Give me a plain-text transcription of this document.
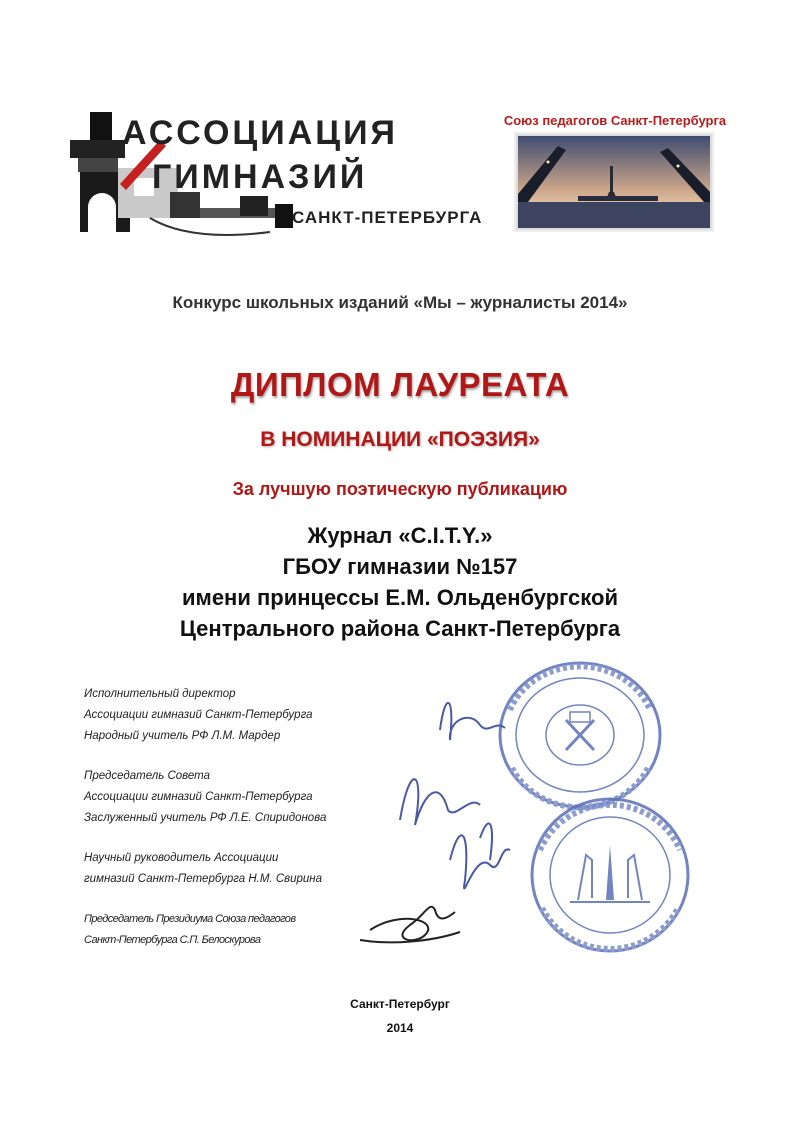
АССОЦИАЦИЯ
ГИМНАЗИЙ
САНКТ-ПЕТЕРБУРГА
Союз педагогов Санкт-Петербурга
Конкурс школьных изданий «Мы – журналисты 2014»
ДИПЛОМ ЛАУРЕАТА
В НОМИНАЦИИ «ПОЭЗИЯ»
За лучшую поэтическую публикацию
Журнал «C.I.T.Y.»
ГБОУ гимназии №157
имени принцессы Е.М. Ольденбургской
Центрального района Санкт-Петербурга
Исполнительный директор
Ассоциации гимназий Санкт-Петербурга
Народный учитель РФ Л.М. Мардер
Председатель Совета
Ассоциации гимназий Санкт-Петербурга
Заслуженный учитель РФ Л.Е. Спиридонова
Научный руководитель Ассоциации
гимназий Санкт-Петербурга Н.М. Свирина
Председатель Президиума Союза педагогов
Санкт-Петербурга С.П. Белоскурова
Санкт-Петербург
2014
